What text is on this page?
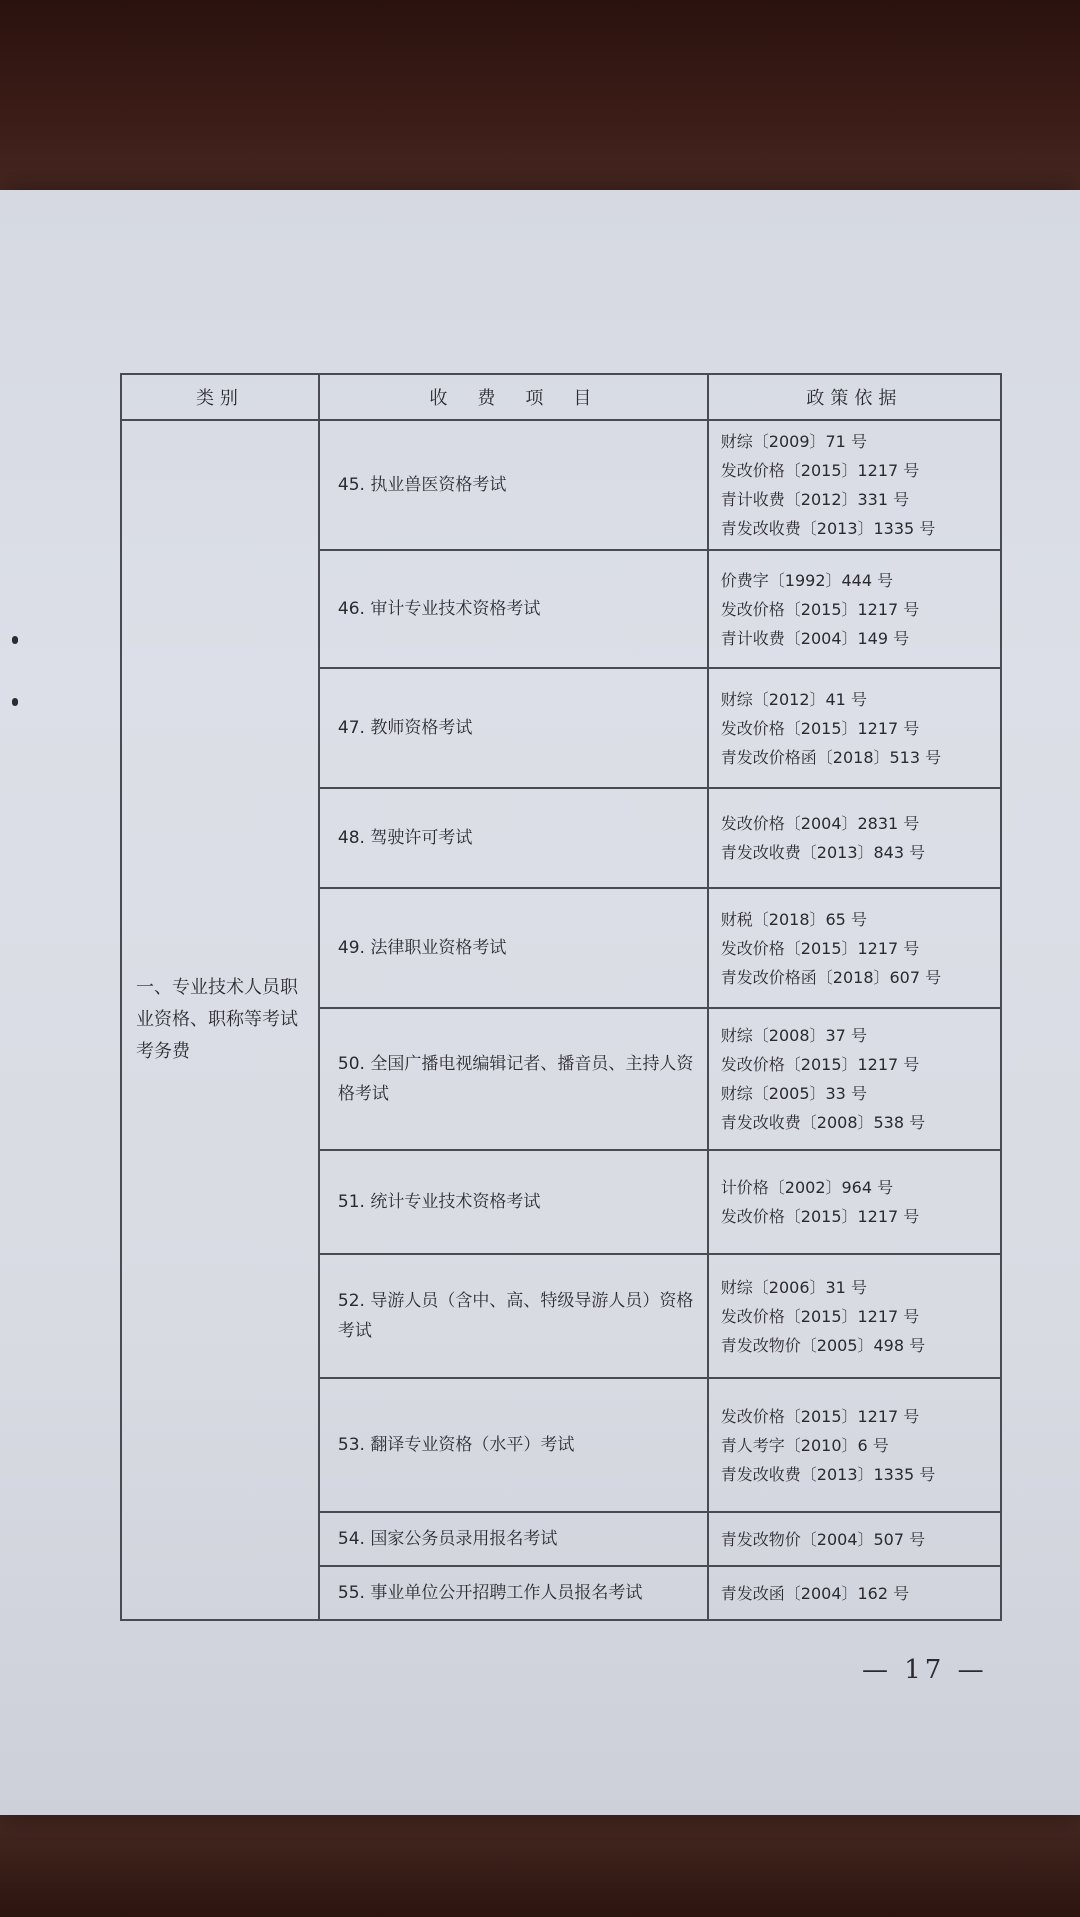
类别	收　费　项　目	政策依据
一、专业技术人员职业资格、职称等考试考务费	45. 执业兽医资格考试	财综〔2009〕71 号
发改价格〔2015〕1217 号
青计收费〔2012〕331 号
青发改收费〔2013〕1335 号

	46. 审计专业技术资格考试	价费字〔1992〕444 号
发改价格〔2015〕1217 号
青计收费〔2004〕149 号

	47. 教师资格考试	财综〔2012〕41 号
发改价格〔2015〕1217 号
青发改价格函〔2018〕513 号

	48. 驾驶许可考试	发改价格〔2004〕2831 号
青发改收费〔2013〕843 号

	49. 法律职业资格考试	财税〔2018〕65 号
发改价格〔2015〕1217 号
青发改价格函〔2018〕607 号

	50. 全国广播电视编辑记者、播音员、主持人资格考试	财综〔2008〕37 号
发改价格〔2015〕1217 号
财综〔2005〕33 号
青发改收费〔2008〕538 号

	51. 统计专业技术资格考试	计价格〔2002〕964 号
发改价格〔2015〕1217 号

	52. 导游人员（含中、高、特级导游人员）资格考试	财综〔2006〕31 号
发改价格〔2015〕1217 号
青发改物价〔2005〕498 号

	53. 翻译专业资格（水平）考试	发改价格〔2015〕1217 号
青人考字〔2010〕6 号
青发改收费〔2013〕1335 号

	54. 国家公务员录用报名考试	青发改物价〔2004〕507 号

	55. 事业单位公开招聘工作人员报名考试	青发改函〔2004〕162 号
— 17 —
